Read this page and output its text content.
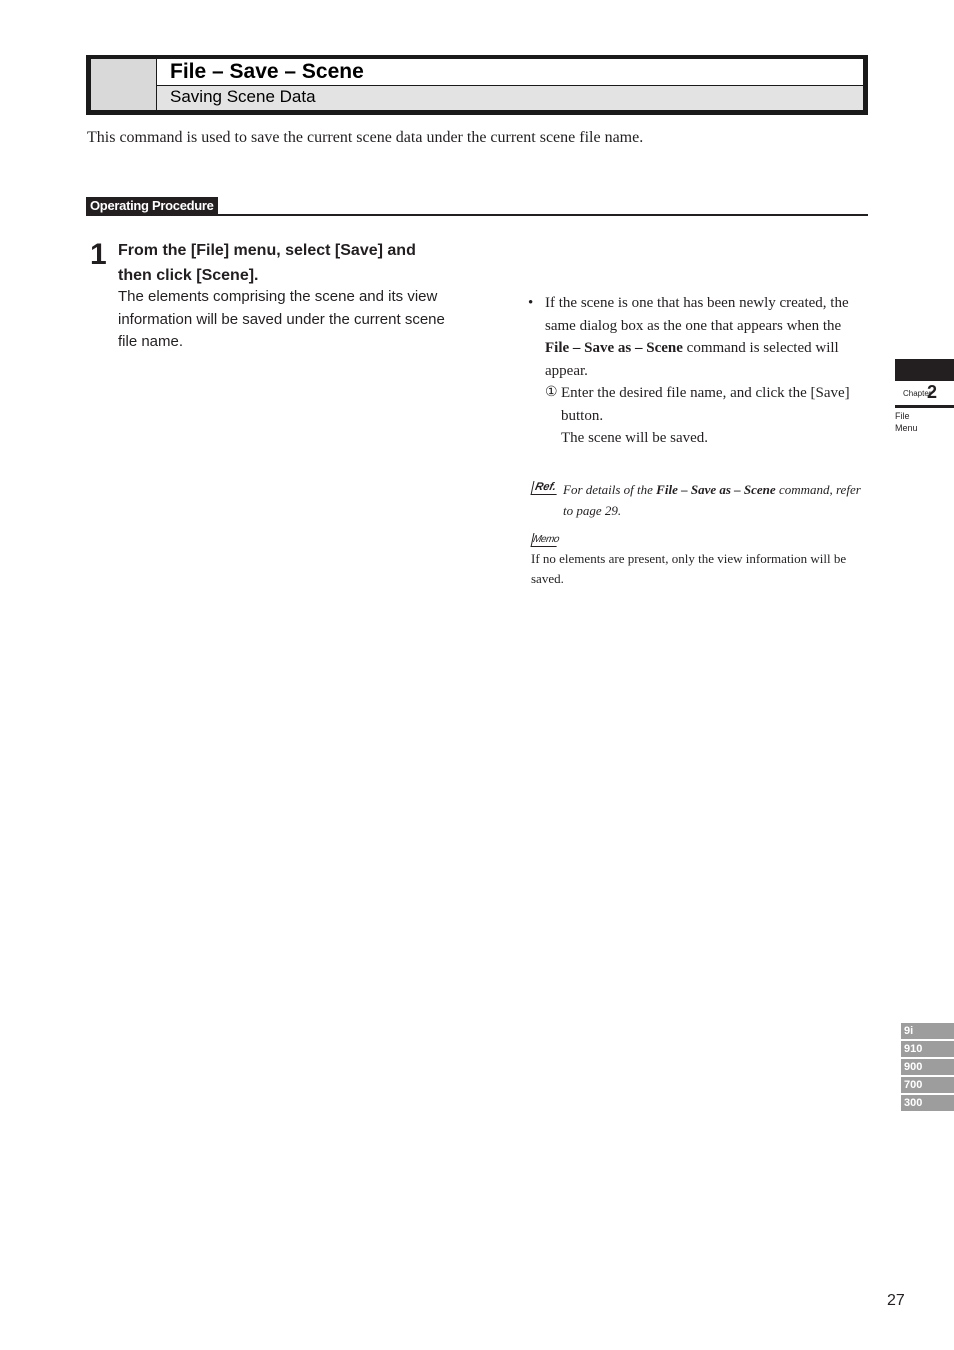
File – Save – Scene
Saving Scene Data
This command is used to save the current scene data under the current scene file name.
Operating Procedure
1 From the [File] menu, select [Save] and
then click [Scene].
The elements comprising the scene and its view information will be saved under the current scene file name.
• If the scene is one that has been newly created, the same dialog box as the one that appears when the File – Save as – Scene command is selected will appear.
① Enter the desired file name, and click the [Save] button.
The scene will be saved.
Ref. For details of the File – Save as – Scene command, refer to page 29.
Memo
If no elements are present, only the view information will be saved.
Chapter
2
File
Menu
9i
910
900
700
300
27
